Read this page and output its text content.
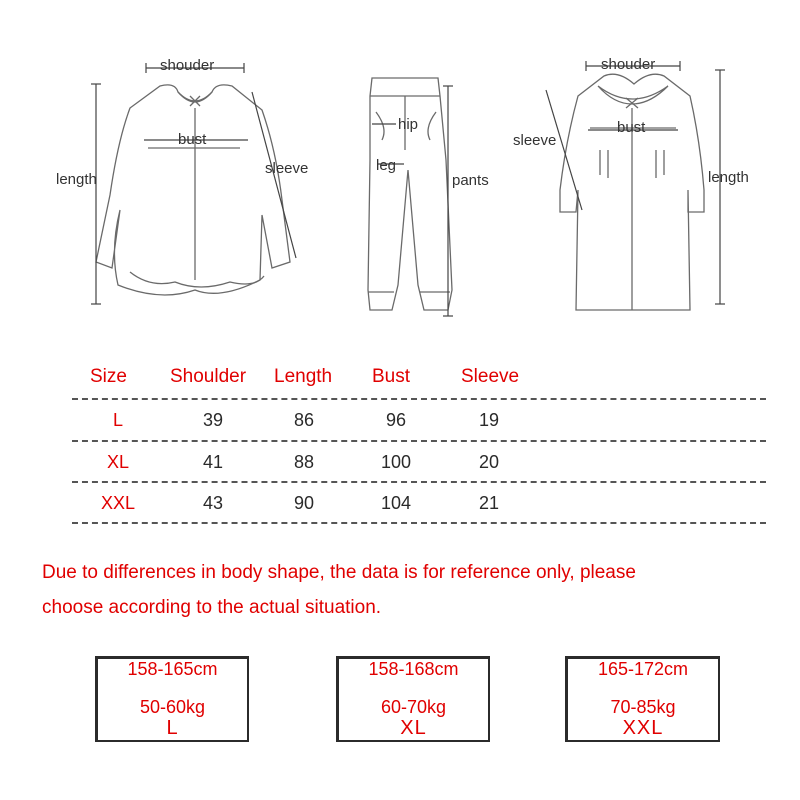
shouder
bust
length
sleeve
hip
leg
pants
shouder
sleeve
bust
length
Size Shoulder Length Bust	Sleeve
L	39	86	96	19
XL	41	88	100	20
XXL	43	90	104	21
Due to differences in body shape, the data is for reference only, please
choose according to the actual situation.
158-165cm
50-60kg
L
158-168cm
60-70kg
XL
165-172cm
70-85kg
XXL
